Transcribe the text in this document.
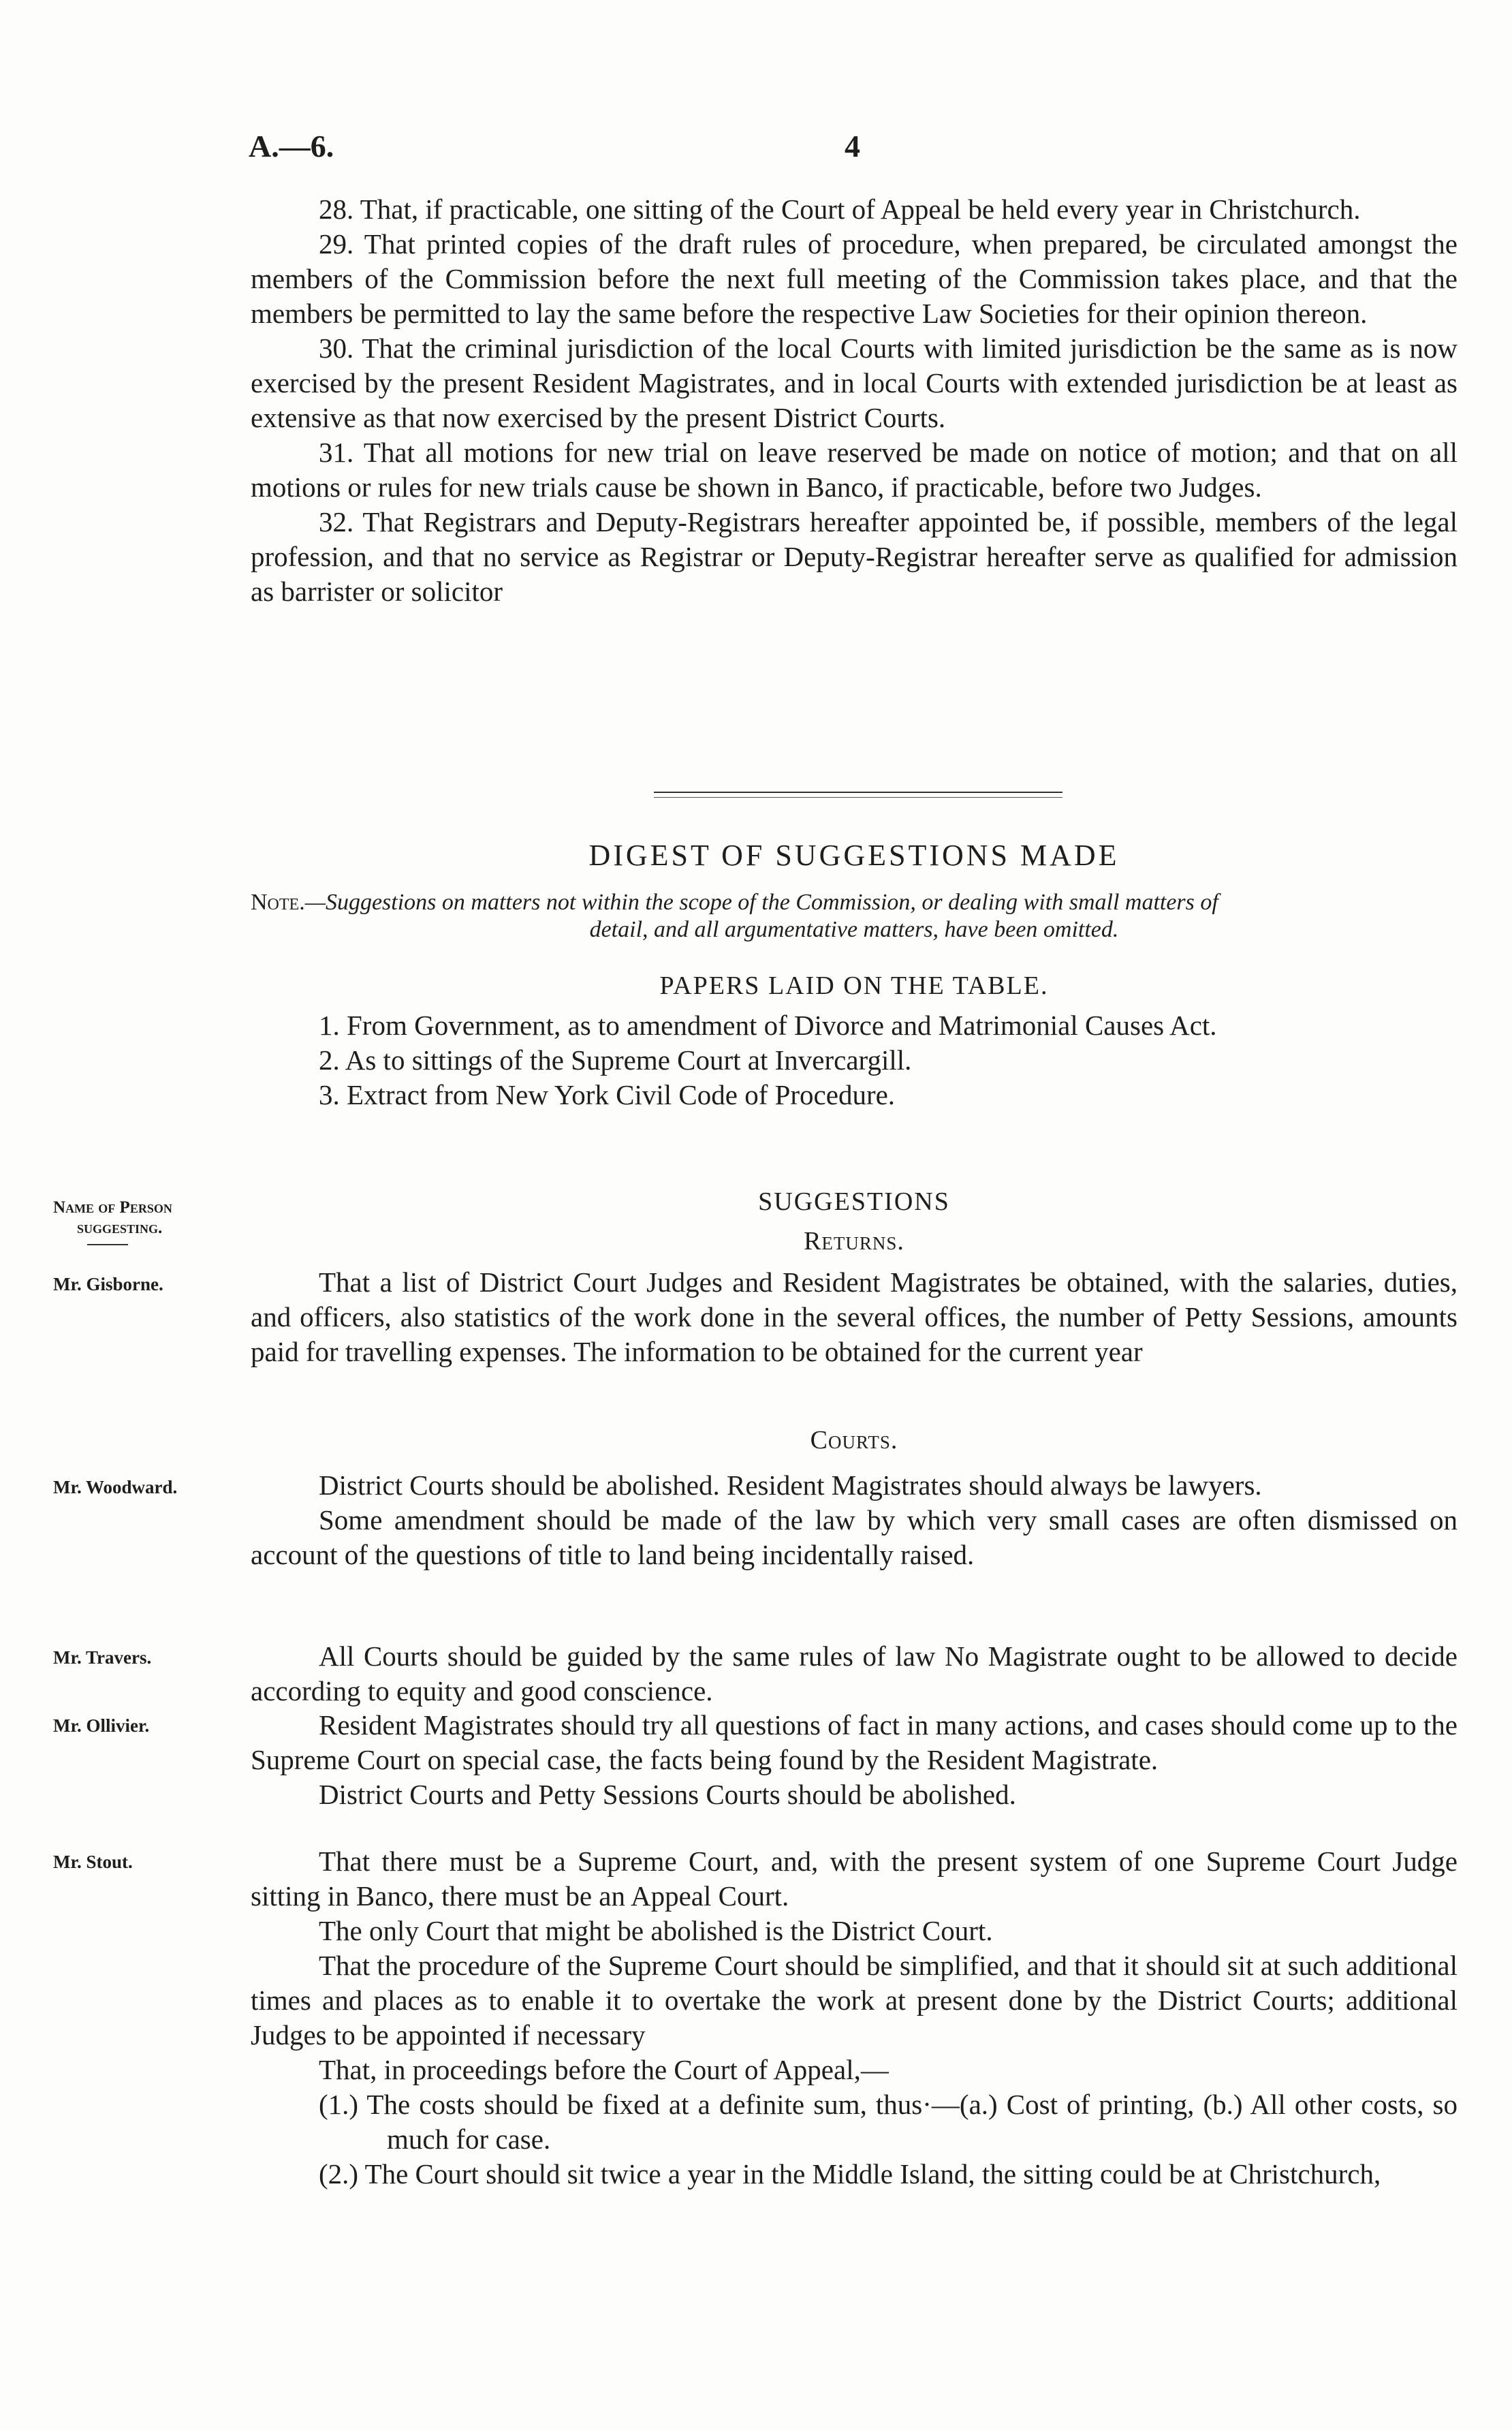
A.—6.	4

28. That, if practicable, one sitting of the Court of Appeal be held every year in Christchurch.

29. That printed copies of the draft rules of procedure, when prepared, be circulated amongst the members of the Commission before the next full meeting of the Commission takes place, and that the members be permitted to lay the same before the respective Law Societies for their opinion thereon.

30. That the criminal jurisdiction of the local Courts with limited jurisdiction be the same as is now exercised by the present Resident Magistrates, and in local Courts with extended jurisdiction be at least as extensive as that now exercised by the present District Courts.

31. That all motions for new trial on leave reserved be made on notice of motion; and that on all motions or rules for new trials cause be shown in Banco, if practicable, before two Judges.

32. That Registrars and Deputy-Registrars hereafter appointed be, if possible, members of the legal profession, and that no service as Registrar or Deputy-Registrar hereafter serve as qualified for admission as barrister or solicitor

DIGEST OF SUGGESTIONS MADE
Note.—Suggestions on matters not within the scope of the Commission, or dealing with small matters of
detail, and all argumentative matters, have been omitted.
PAPERS LAID ON THE TABLE.

1. From Government, as to amendment of Divorce and Matrimonial Causes Act.

2. As to sittings of the Supreme Court at Invercargill.

3. Extract from New York Civil Code of Procedure.

Name of Person
suggesting.
SUGGESTIONS
Returns.
Mr. Gisborne.	That a list of District Court Judges and Resident Magistrates be obtained, with the salaries, duties, and officers, also statistics of the work done in the several offices, the number of Petty Sessions, amounts paid for travelling expenses. The information to be obtained for the current year

Courts.
Mr. Woodward.	District Courts should be abolished. Resident Magistrates should always be lawyers.

Some amendment should be made of the law by which very small cases are often dismissed on account of the questions of title to land being incidentally raised.

Mr. Travers.	All Courts should be guided by the same rules of law No Magistrate ought to be allowed to decide according to equity and good conscience.

Mr. Ollivier.	Resident Magistrates should try all questions of fact in many actions, and cases should come up to the Supreme Court on special case, the facts being found by the Resident Magistrate.

District Courts and Petty Sessions Courts should be abolished.

Mr. Stout.	That there must be a Supreme Court, and, with the present system of one Supreme Court Judge sitting in Banco, there must be an Appeal Court.

The only Court that might be abolished is the District Court.

That the procedure of the Supreme Court should be simplified, and that it should sit at such additional times and places as to enable it to overtake the work at present done by the District Courts; additional Judges to be appointed if necessary

That, in proceedings before the Court of Appeal,—

(1.) The costs should be fixed at a definite sum, thus·—(a.) Cost of printing, (b.) All other costs, so much for case.

(2.) The Court should sit twice a year in the Middle Island, the sitting could be at Christchurch,
